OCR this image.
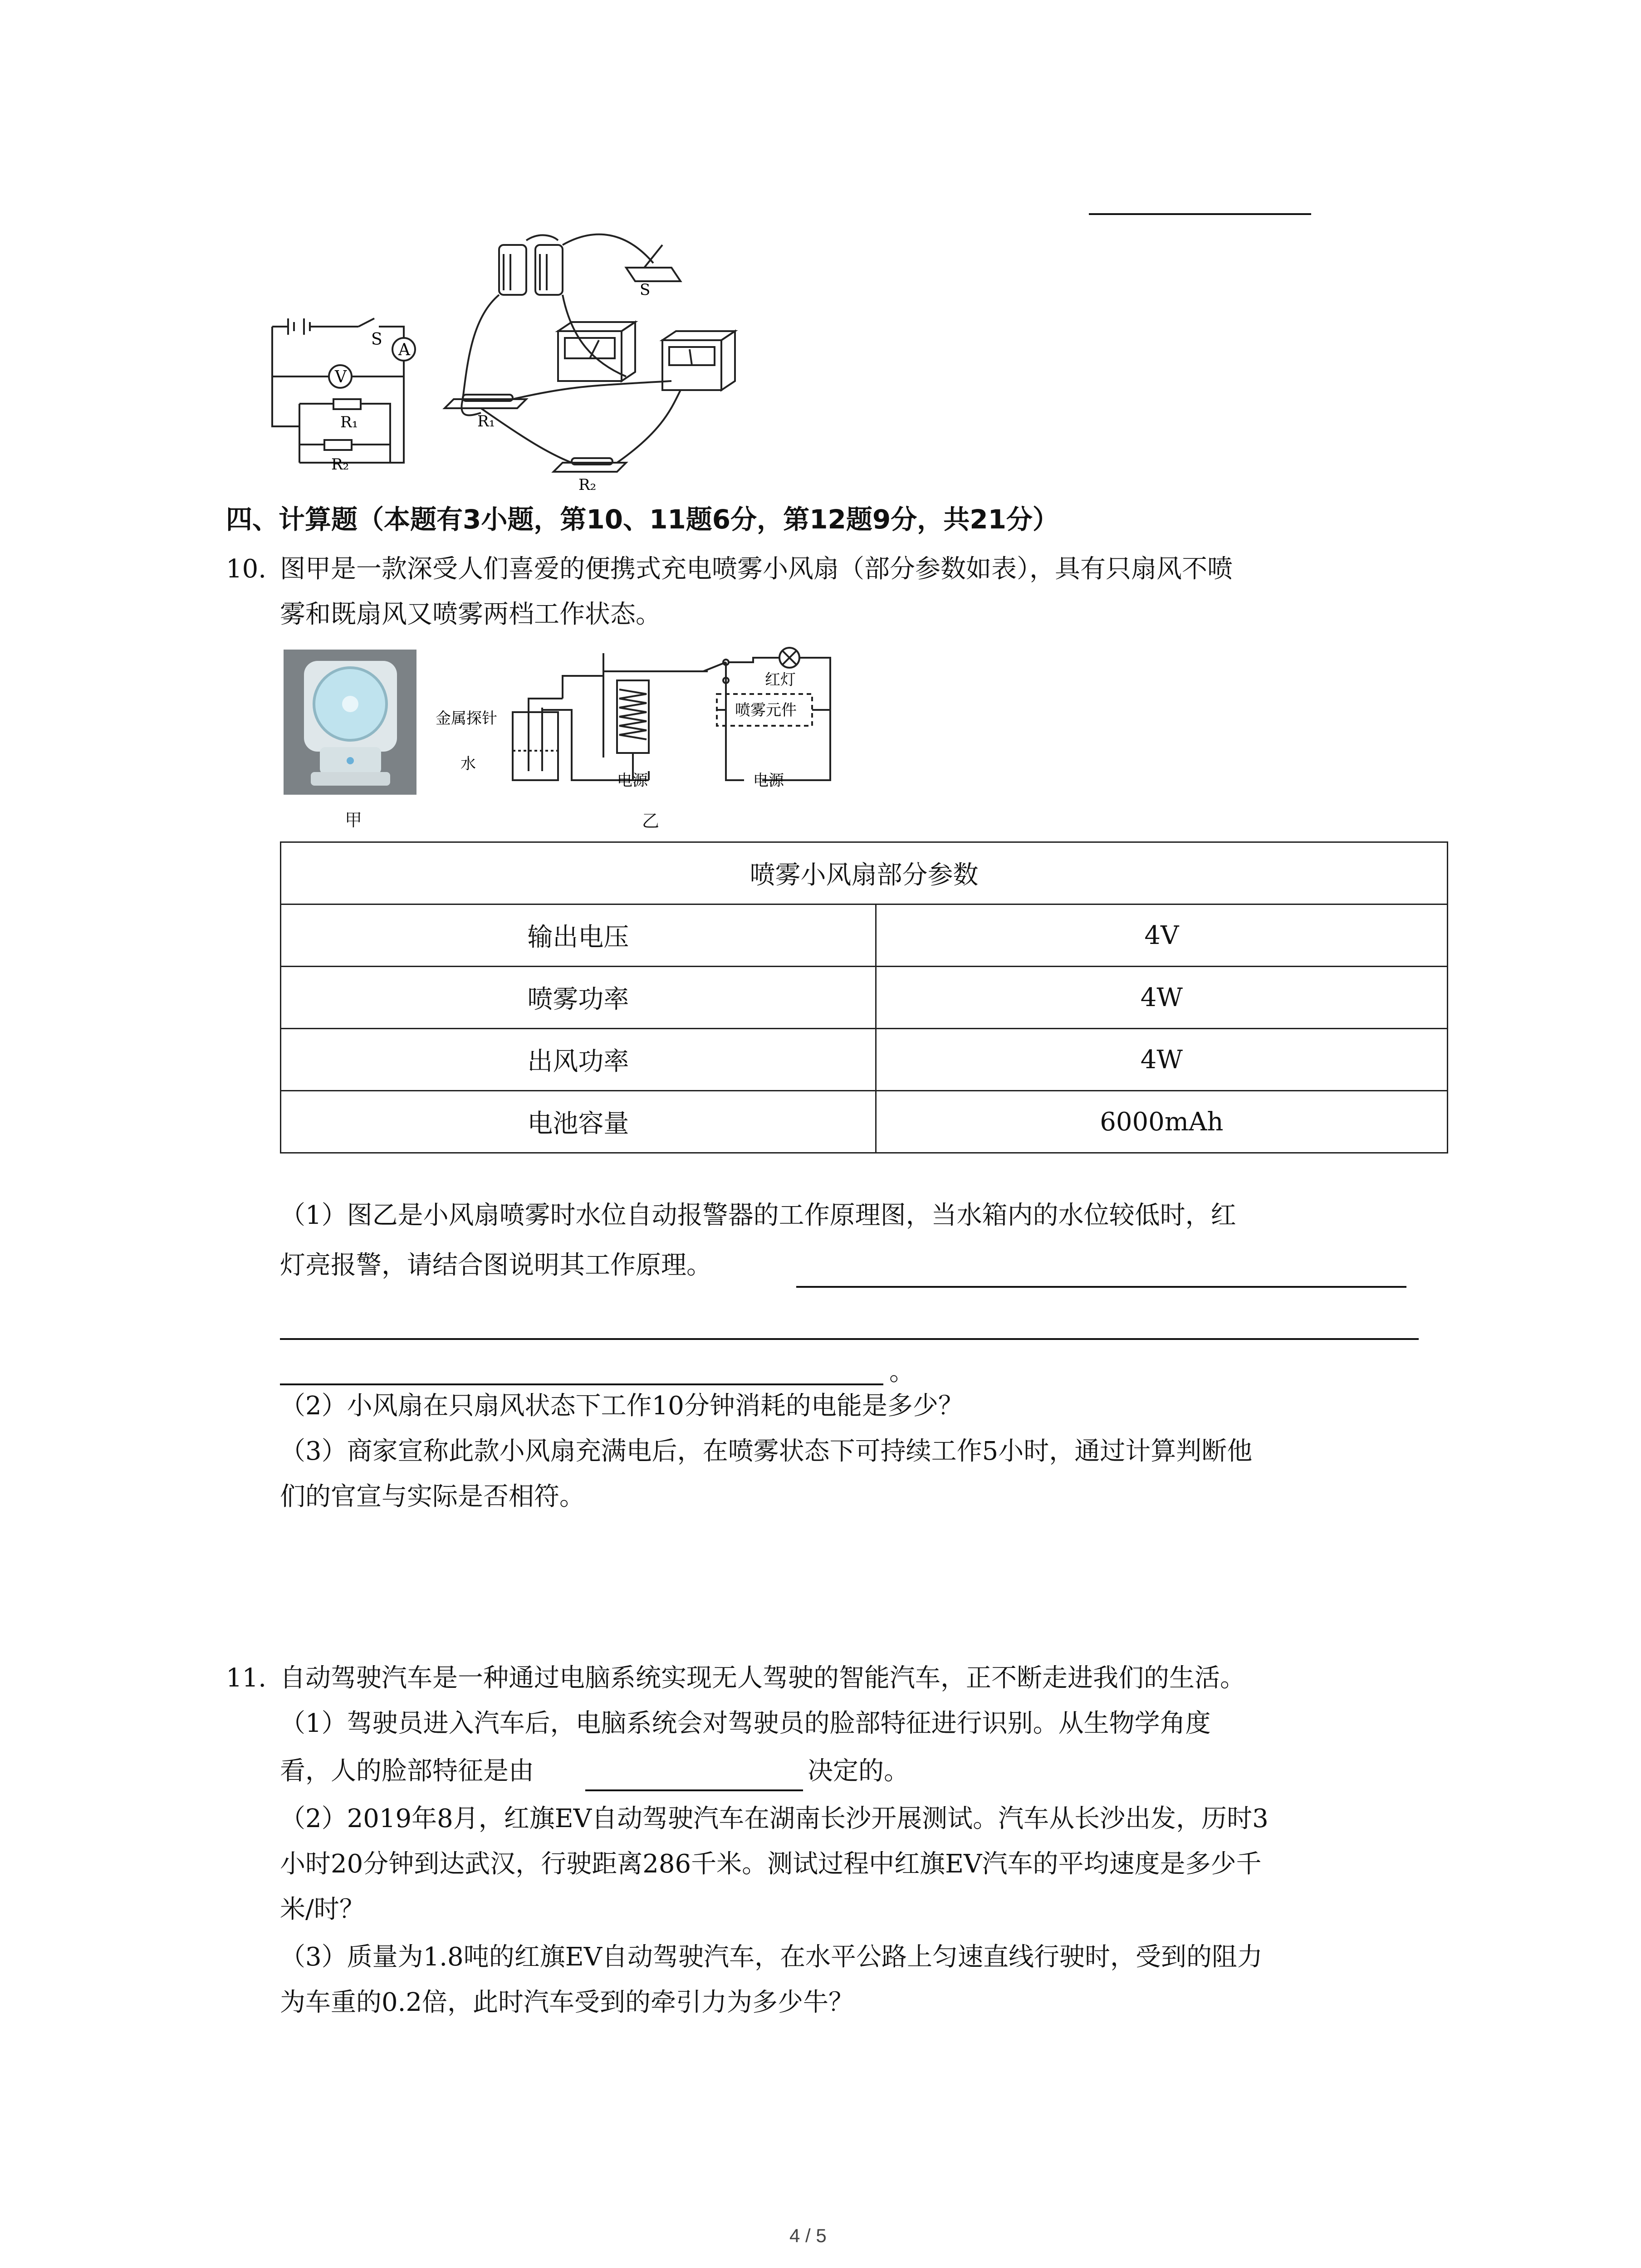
S
A
V
R₁
R₂
S
R₁
R₂
四、计算题（本题有3小题，第10、11题6分，第12题9分，共21分）
10. 图甲是一款深受人们喜爱的便携式充电喷雾小风扇（部分参数如表），具有只扇风不喷
雾和既扇风又喷雾两档工作状态。
甲
金属探针
水
红灯
喷雾元件
电源	电源
乙
喷雾小风扇部分参数	
输出电压	4V
喷雾功率	4W
出风功率	4W
电池容量	6000mAh
（1）图乙是小风扇喷雾时水位自动报警器的工作原理图，当水箱内的水位较低时，红
灯亮报警，请结合图说明其工作原理。
。
（2）小风扇在只扇风状态下工作10分钟消耗的电能是多少？
（3）商家宣称此款小风扇充满电后，在喷雾状态下可持续工作5小时，通过计算判断他
们的官宣与实际是否相符。
11. 自动驾驶汽车是一种通过电脑系统实现无人驾驶的智能汽车，正不断走进我们的生活。
（1）驾驶员进入汽车后，电脑系统会对驾驶员的脸部特征进行识别。从生物学角度
看，人的脸部特征是由	决定的。
（2）2019年8月，红旗EV自动驾驶汽车在湖南长沙开展测试。汽车从长沙出发，历时3
小时20分钟到达武汉，行驶距离286千米。测试过程中红旗EV汽车的平均速度是多少千
米/时？
（3）质量为1.8吨的红旗EV自动驾驶汽车，在水平公路上匀速直线行驶时，受到的阻力
为车重的0.2倍，此时汽车受到的牵引力为多少牛？
4 / 5
